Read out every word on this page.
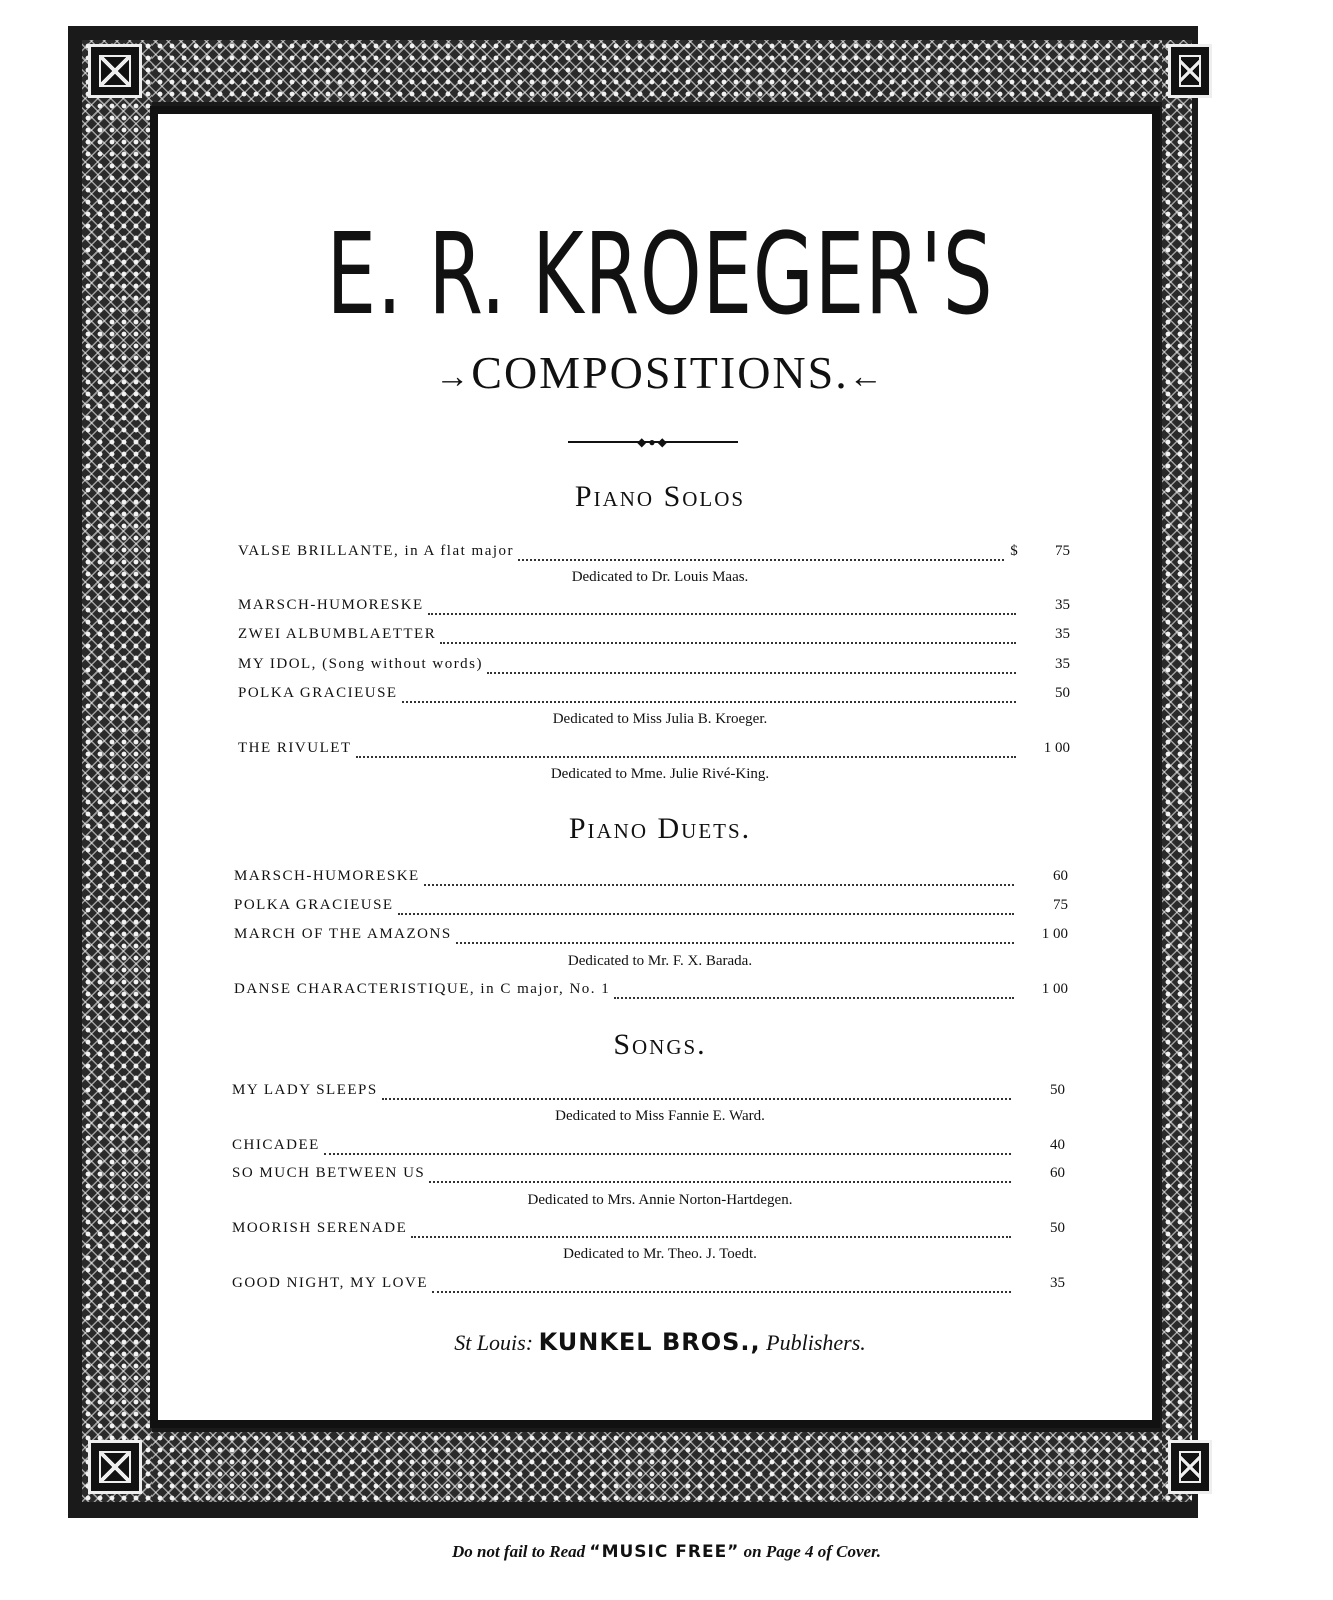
E. R. KROEGER'S

→COMPOSITIONS.←

◆●◆
Piano Solos
VALSE BRILLANTE, in A flat major	$	75
Dedicated to Dr. Louis Maas.
MARSCH-HUMORESKE	35
ZWEI ALBUMBLAETTER	35
MY IDOL, (Song without words)	35
POLKA GRACIEUSE	50
Dedicated to Miss Julia B. Kroeger.
THE RIVULET	1 00
Dedicated to Mme. Julie Rivé-King.
Piano Duets.
MARSCH-HUMORESKE	60
POLKA GRACIEUSE	75
MARCH OF THE AMAZONS	1 00
Dedicated to Mr. F. X. Barada.
DANSE CHARACTERISTIQUE, in C major, No. 1	1 00
Songs.
MY LADY SLEEPS	50
Dedicated to Miss Fannie E. Ward.
CHICADEE	40
SO MUCH BETWEEN US	60
Dedicated to Mrs. Annie Norton-Hartdegen.
MOORISH SERENADE	50
Dedicated to Mr. Theo. J. Toedt.
GOOD NIGHT, MY LOVE	35
St Louis: KUNKEL BROS., Publishers.
Do not fail to Read “MUSIC FREE” on Page 4 of Cover.
